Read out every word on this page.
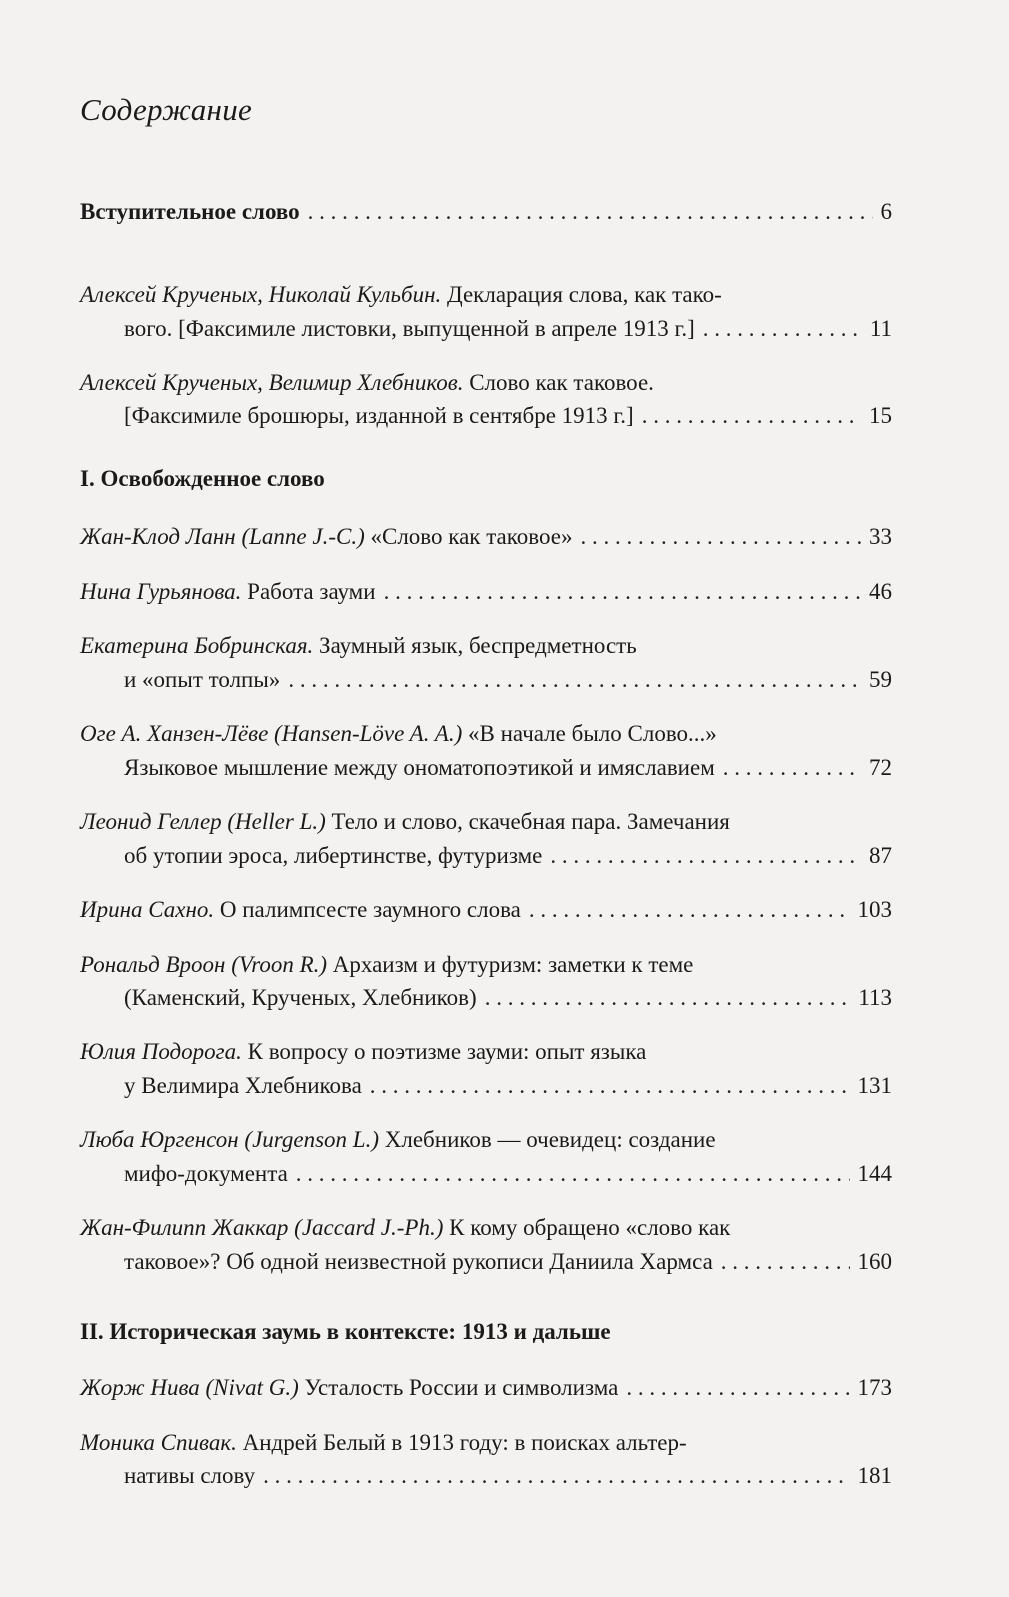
Содержание
Вступительное слово . . .	6
Алексей Крученых, Николай Кульбин.
Декларация слова, как тако-
вого. [Факсимиле листовки, выпущенной в апреле 1913 г.] . . .	11
Алексей Крученых, Велимир Хлебников.
Слово как таковое.
[Факсимиле брошюры, изданной в сентябре 1913 г.] . . .	15
I. Освобожденное слово
Жан-Клод Ланн (Lanne J.-C.)
«Слово как таковое» . . .	33
Нина Гурьянова.
Работа зауми . . .	46
Екатерина Бобринская.
Заумный язык, беспредметность
и «опыт толпы» . . .	59
Оге А. Ханзен-Лёве (Hansen-Löve A. A.)
«В начале было Слово...»
Языковое мышление между ономатопоэтикой и имяславием . . .	72
Леонид Геллер (Heller L.)
Тело и слово, скачебная пара. Замечания
об утопии эроса, либертинстве, футуризме . . .	87
Ирина Сахно.
О палимпсесте заумного слова . . .	103
Рональд Вроон (Vroon R.)
Архаизм и футуризм: заметки к теме
(Каменский, Крученых, Хлебников) . . .	113
Юлия Подорога.
К вопросу о поэтизме зауми: опыт языка
у Велимира Хлебникова . . .	131
Люба Юргенсон (Jurgenson L.)
Хлебников — очевидец: создание
мифо-документа . . .	144
Жан-Филипп Жаккар (Jaccard J.-Ph.)
К кому обращено «слово как
таковое»? Об одной неизвестной рукописи Даниила Хармса . . .	160
II. Историческая заумь в контексте: 1913 и дальше
Жорж Нива (Nivat G.)
Усталость России и символизма . . .	173
Моника Спивак.
Андрей Белый в 1913 году: в поисках альтер-
нативы слову . . .	181
